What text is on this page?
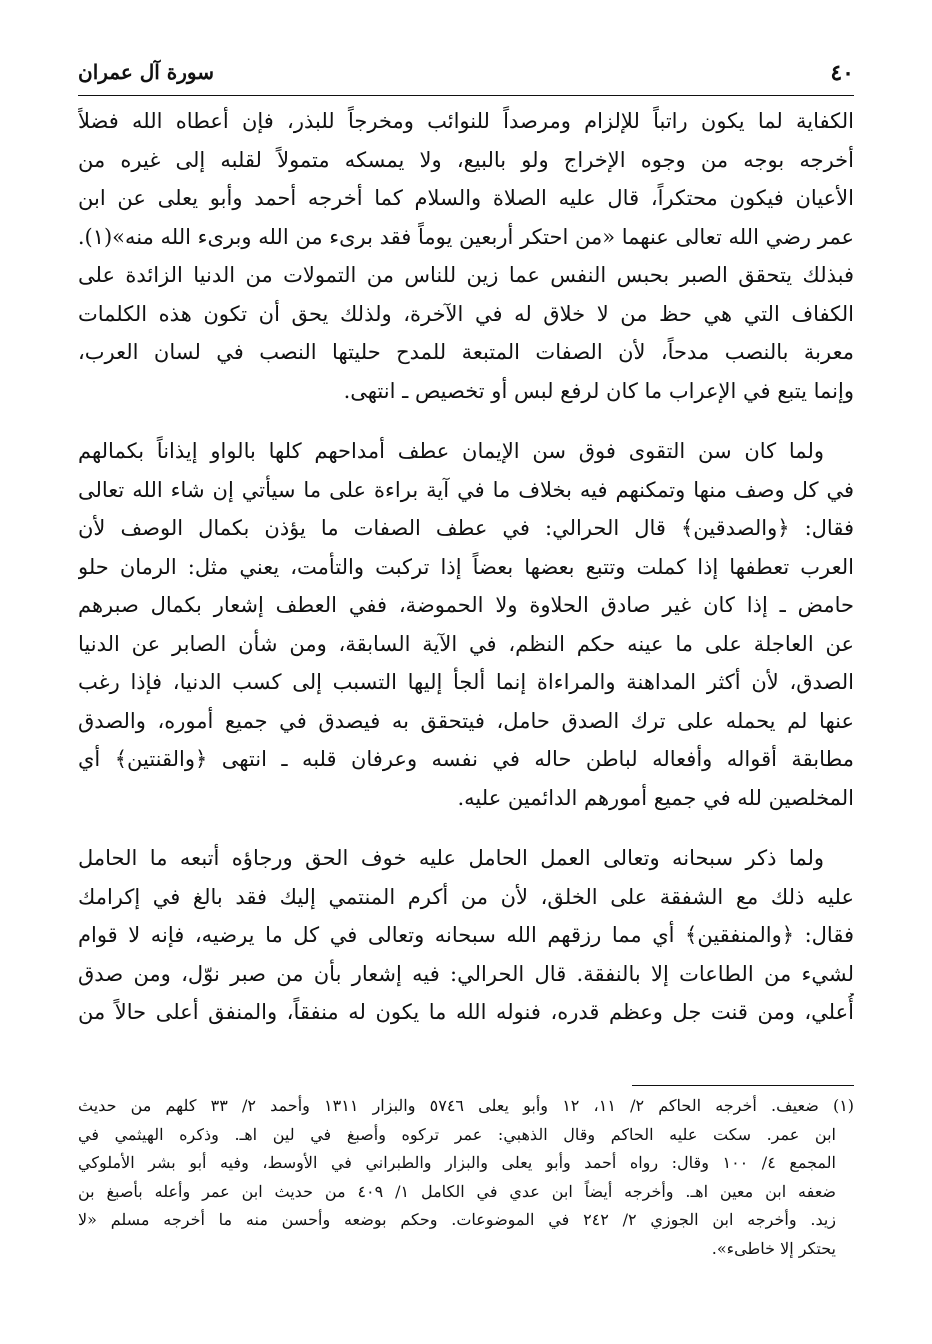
٤٠
سورة آل عمران
الكفاية لما يكون راتباً للإلزام ومرصداً للنوائب ومخرجاً للبذر، فإن أعطاه الله فضلاً
أخرجه بوجه من وجوه الإخراج ولو بالبيع، ولا يمسكه متمولاً لقلبه إلى غيره من
الأعيان فيكون محتكراً، قال عليه الصلاة والسلام كما أخرجه أحمد وأبو يعلى عن ابن
عمر رضي الله تعالى عنهما «من احتكر أربعين يوماً فقد برىء من الله وبرىء الله منه»(١).
فبذلك يتحقق الصبر بحبس النفس عما زين للناس من التمولات من الدنيا الزائدة على
الكفاف التي هي حظ من لا خلاق له في الآخرة، ولذلك يحق أن تكون هذه الكلمات
معربة بالنصب مدحاً، لأن الصفات المتبعة للمدح حليتها النصب في لسان العرب،
وإنما يتبع في الإعراب ما كان لرفع لبس أو تخصيص ـ انتهى.
ولما كان سن التقوى فوق سن الإيمان عطف أمداحهم كلها بالواو إيذاناً بكمالهم
في كل وصف منها وتمكنهم فيه بخلاف ما في آية براءة على ما سيأتي إن شاء الله تعالى
فقال: ﴿والصدقين﴾ قال الحرالي: في عطف الصفات ما يؤذن بكمال الوصف لأن
العرب تعطفها إذا كملت وتتبع بعضها بعضاً إذا تركبت والتأمت، يعني مثل: الرمان حلو
حامض ـ إذا كان غير صادق الحلاوة ولا الحموضة، ففي العطف إشعار بكمال صبرهم
عن العاجلة على ما عينه حكم النظم، في الآية السابقة، ومن شأن الصابر عن الدنيا
الصدق، لأن أكثر المداهنة والمراءاة إنما ألجأ إليها التسبب إلى كسب الدنيا، فإذا رغب
عنها لم يحمله على ترك الصدق حامل، فيتحقق به فيصدق في جميع أموره، والصدق
مطابقة أقواله وأفعاله لباطن حاله في نفسه وعرفان قلبه ـ انتهى ﴿والقنتين﴾ أي
المخلصين لله في جميع أمورهم الدائمين عليه.
ولما ذكر سبحانه وتعالى العمل الحامل عليه خوف الحق ورجاؤه أتبعه ما الحامل
عليه ذلك مع الشفقة على الخلق، لأن من أكرم المنتمي إليك فقد بالغ في إكرامك
فقال: ﴿والمنفقين﴾ أي مما رزقهم الله سبحانه وتعالى في كل ما يرضيه، فإنه لا قوام
لشيء من الطاعات إلا بالنفقة. قال الحرالي: فيه إشعار بأن من صبر نوّل، ومن صدق
أُعلي، ومن قنت جل وعظم قدره، فنوله الله ما يكون له منفقاً، والمنفق أعلى حالاً من
(١) ضعيف. أخرجه الحاكم ٢/ ١١، ١٢ وأبو يعلى ٥٧٤٦ والبزار ١٣١١ وأحمد ٢/ ٣٣ كلهم من حديث
ابن عمر. سكت عليه الحاكم وقال الذهبي: عمر تركوه وأصبغ في لين اهـ. وذكره الهيثمي في
المجمع ٤/ ١٠٠ وقال: رواه أحمد وأبو يعلى والبزار والطبراني في الأوسط، وفيه أبو بشر الأملوكي
ضعفه ابن معين اهـ. وأخرجه أيضاً ابن عدي في الكامل ١/ ٤٠٩ من حديث ابن عمر وأعله بأصبغ بن
زيد. وأخرجه ابن الجوزي ٢/ ٢٤٢ في الموضوعات. وحكم بوضعه وأحسن منه ما أخرجه مسلم «لا
يحتكر إلا خاطىء».
